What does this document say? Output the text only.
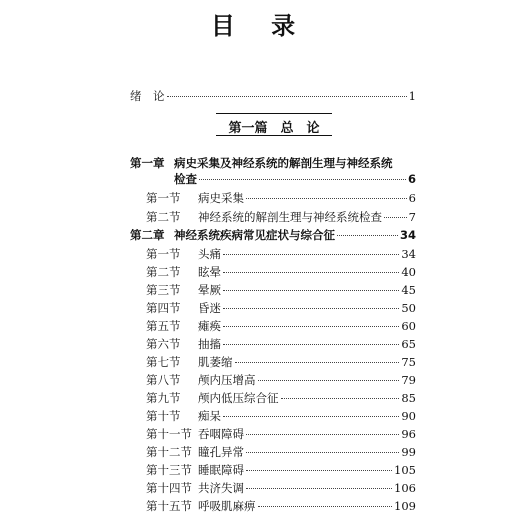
目 录
绪　论	1
第一篇　总　论
第一章 病史采集及神经系统的解剖生理与神经系统
检查	6
第一节	病史采集	6
第二节	神经系统的解剖生理与神经系统检查 7
第二章 神经系统疾病常见症状与综合征	34
第一节	头痛	34
第二节	眩晕	40
第三节	晕厥	45
第四节	昏迷	50
第五节	瘫痪	60
第六节	抽搐	65
第七节	肌萎缩	75
第八节	颅内压增高	79
第九节	颅内低压综合征	85
第十节	痴呆	90
第十一节 吞咽障碍	96
第十二节 瞳孔异常	99
第十三节 睡眠障碍	105
第十四节 共济失调	106
第十五节 呼吸肌麻痹	109
